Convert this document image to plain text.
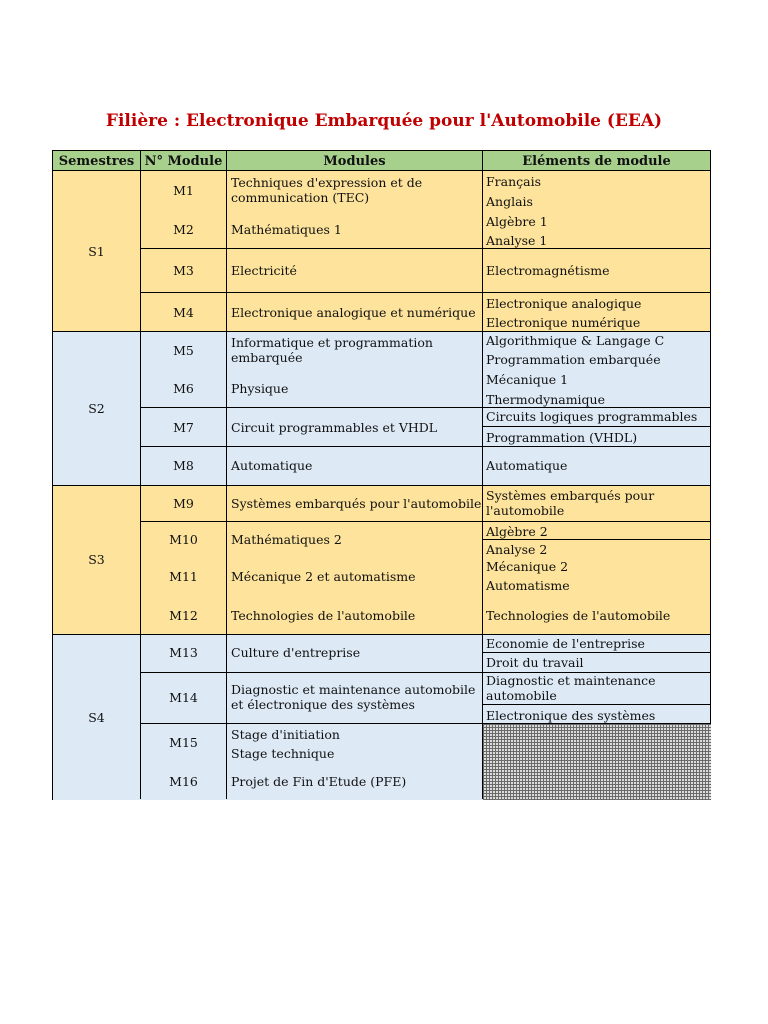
Filière : Electronique Embarquée pour l'Automobile (EEA)
Semestres N° Module	Modules	Eléments de module
S1
S2
S3
S4
M1
M2
M3
M4
M5
M6
M7
M8
M9
M10
M11
M12
M13
M14
M15
M16
Techniques d'expression et de communication (TEC)
Mathématiques 1
Electricité
Electronique analogique et numérique
Informatique et programmation embarquée
Physique
Circuit programmables et VHDL
Automatique
Systèmes embarqués pour l'automobile
Mathématiques 2
Mécanique 2 et automatisme
Technologies de l'automobile
Culture d'entreprise
Diagnostic et maintenance automobile et électronique des systèmes
Stage d'initiation
Stage technique
Projet de Fin d'Etude (PFE)
Français
Anglais
Algèbre 1
Analyse 1
Electromagnétisme
Electronique analogique
Electronique numérique
Algorithmique & Langage C
Programmation embarquée
Mécanique 1
Thermodynamique
Circuits logiques programmables
Programmation (VHDL)
Automatique
Systèmes embarqués pour l'automobile
Algèbre 2
Analyse 2
Mécanique 2
Automatisme
Technologies de l'automobile
Economie de l'entreprise
Droit du travail
Diagnostic et maintenance automobile
Electronique des systèmes
